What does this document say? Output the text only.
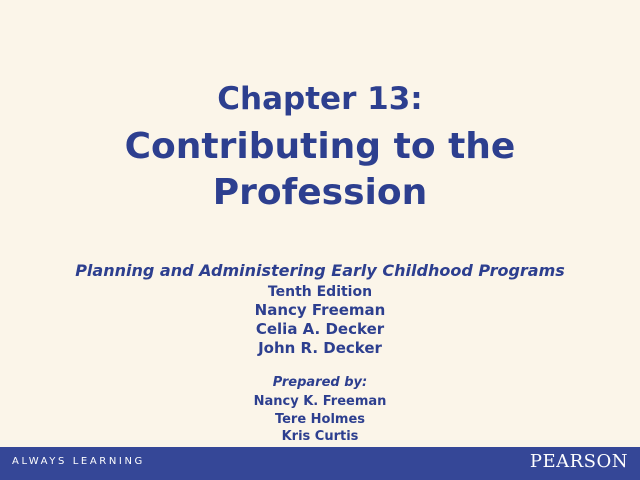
Chapter 13:
Contributing to the
Profession
Planning and Administering Early Childhood Programs
Tenth Edition
Nancy Freeman
Celia A. Decker
John R. Decker
Prepared by:
Nancy K. Freeman
Tere Holmes
Kris Curtis
ALWAYS LEARNING	PEARSON
